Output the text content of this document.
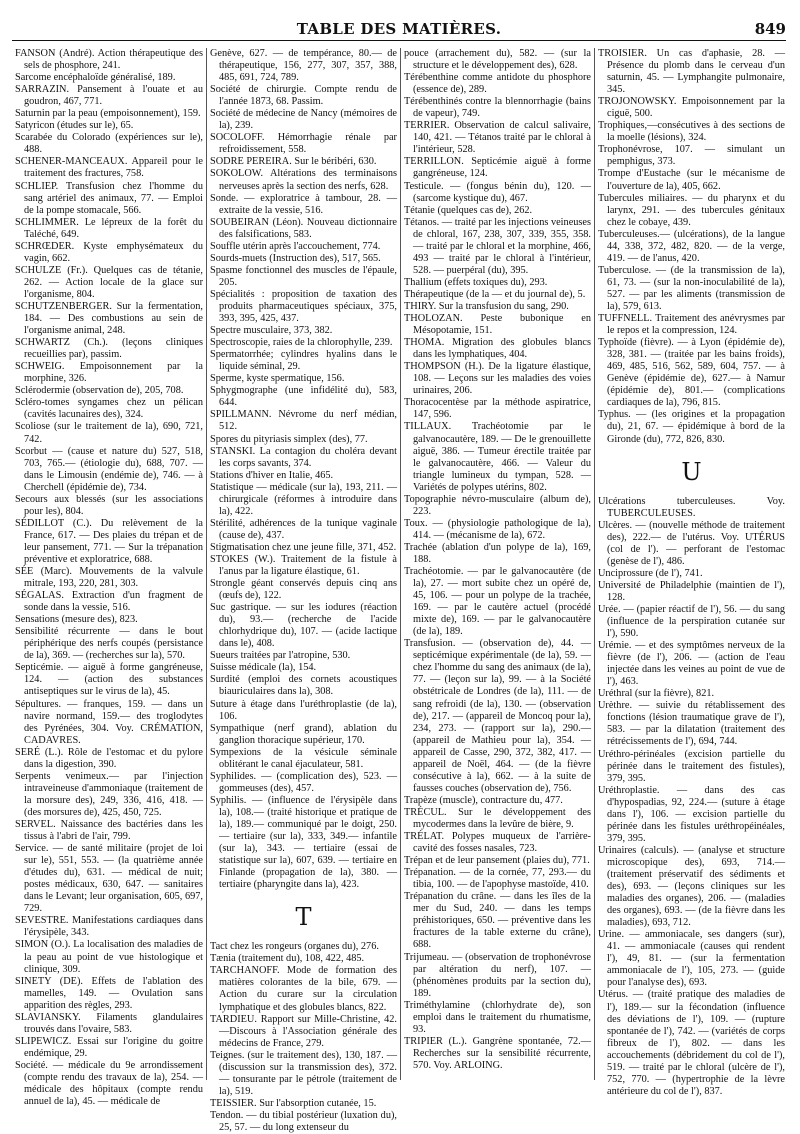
TABLE DES MATIÈRES.	849

FANSON (André). Action thérapeutique des sels de phosphore, 241.

Sarcome encéphaloïde généralisé, 189.

SARRAZIN. Pansement à l'ouate et au goudron, 467, 771.

Saturnin par la peau (empoisonnement), 159.

Satyricon (études sur le), 65.

Scarabée du Colorado (expériences sur le), 488.

SCHENER-MANCEAUX. Appareil pour le traitement des fractures, 758.

SCHLIEP. Transfusion chez l'homme du sang artériel des animaux, 77. — Emploi de la pompe stomacale, 566.

SCHLIMMER. Le lépreux de la forêt du Taléché, 649.

SCHRŒDER. Kyste emphysémateux du vagin, 662.

SCHULZE (Fr.). Quelques cas de tétanie, 262. — Action locale de la glace sur l'organisme, 804.

SCHUTZENBERGER. Sur la fermentation, 184. — Des combustions au sein de l'organisme animal, 248.

SCHWARTZ (Ch.). (leçons cliniques recueillies par), passim.

SCHWEIG. Empoisonnement par la morphine, 326.

Sclérodermie (observation de), 205, 708.

Scléro-tomes syngames chez un pélican (cavités lacunaires des), 324.

Scoliose (sur le traitement de la), 690, 721, 742.

Scorbut — (cause et nature du) 527, 518, 703, 765.— (étiologie du), 688, 707. — dans le Limousin (endémie de), 746. — à Cherchell (épidémie de), 734.

Secours aux blessés (sur les associations pour les), 804.

SÉDILLOT (C.). Du relèvement de la France, 617. — Des plaies du trépan et de leur pansement, 771. — Sur la trépanation préventive et exploratrice, 688.

SÉE (Marc). Mouvements de la valvule mitrale, 193, 220, 281, 303.

SÉGALAS. Extraction d'un fragment de sonde dans la vessie, 516.

Sensations (mesure des), 823.

Sensibilité récurrente — dans le bout périphérique des nerfs coupés (persistance de la), 369. — (recherches sur la), 570.

Septicémie. — aiguë à forme gangréneuse, 124. — (action des substances antiseptiques sur le virus de la), 45.

Sépultures. — franques, 159. — dans un navire normand, 159.— des troglodytes des Pyrénées, 304. Voy. CRÉMATION, CADAVRES.

SERÉ (L.). Rôle de l'estomac et du pylore dans la digestion, 390.

Serpents venimeux.— par l'injection intraveineuse d'ammoniaque (traitement de la morsure des), 249, 336, 416, 418. — (des morsures de), 425, 450, 725.

SERVEL. Naissance des bactéries dans les tissus à l'abri de l'air, 799.

Service. — de santé militaire (projet de loi sur le), 551, 553. — (la quatrième année d'études du), 631. — médical de nuit; postes médicaux, 630, 647. — sanitaires dans le Levant; leur organisation, 605, 697, 729.

SEVESTRE. Manifestations cardiaques dans l'érysipèle, 343.

SIMON (O.). La localisation des maladies de la peau au point de vue histologique et clinique, 309.

SINETY (DE). Effets de l'ablation des mamelles, 149. — Ovulation sans apparition des règles, 293.

SLAVIANSKY. Filaments glandulaires trouvés dans l'ovaire, 583.

SLIPEWICZ. Essai sur l'origine du goitre endémique, 29.

Société. — médicale du 9e arrondissement (compte rendu des travaux de la), 254. — médicale des hôpitaux (compte rendu annuel de la), 45. — médicale de

Genève, 627. — de tempérance, 80.— de thérapeutique, 156, 277, 307, 357, 388, 485, 691, 724, 789.

Société de chirurgie. Compte rendu de l'année 1873, 68. Passim.

Société de médecine de Nancy (mémoires de la), 239.

SOCOLOFF. Hémorrhagie rénale par refroidissement, 558.

SODRE PEREIRA. Sur le béribéri, 630.

SOKOLOW. Altérations des terminaisons nerveuses après la section des nerfs, 628.

Sonde. — exploratrice à tambour, 28. — extraite de la vessie, 516.

SOUBEIRAN (Léon). Nouveau dictionnaire des falsifications, 583.

Souffle utérin après l'accouchement, 774.

Sourds-muets (Instruction des), 517, 565.

Spasme fonctionnel des muscles de l'épaule, 205.

Spécialités : proposition de taxation des produits pharmaceutiques spéciaux, 375, 393, 395, 425, 437.

Spectre musculaire, 373, 382.

Spectroscopie, raies de la chlorophylle, 239.

Spermatorrhée; cylindres hyalins dans le liquide séminal, 29.

Sperme, kyste spermatique, 156.

Sphygmographe (une infidélité du), 583, 644.

SPILLMANN. Névrome du nerf médian, 512.

Spores du pityriasis simplex (des), 77.

STANSKI. La contagion du choléra devant les corps savants, 374.

Stations d'hiver en Italie, 465.

Statistique — médicale (sur la), 193, 211. — chirurgicale (réformes à introduire dans la), 422.

Stérilité, adhérences de la tunique vaginale (cause de), 437.

Stigmatisation chez une jeune fille, 371, 452.

STOKES (W.). Traitement de la fistule à l'anus par la ligature élastique, 61.

Strongle géant conservés depuis cinq ans (œufs de), 122.

Suc gastrique. — sur les iodures (réaction du), 93.— (recherche de l'acide chlorhydrique du), 107. — (acide lactique dans le), 408.

Sueurs traitées par l'atropine, 530.

Suisse médicale (la), 154.

Surdité (emploi des cornets acoustiques biauriculaires dans la), 308.

Suture à étage dans l'uréthroplastie (de la), 106.

Sympathique (nerf grand), ablation du ganglion thoracique supérieur, 170.

Sympexions de la vésicule séminale oblitérant le canal éjaculateur, 581.

Syphilides. — (complication des), 523. — gommeuses (des), 457.

Syphilis. — (influence de l'érysipèle dans la), 108.— (traité historique et pratique de la), 189.— communiqué par le doigt, 250. — tertiaire (sur la), 333, 349.— infantile (sur la), 343. — tertiaire (essai de statistique sur la), 607, 639. — tertiaire en Finlande (propagation de la), 380. — tertiaire (pharyngite dans la), 423.

T

Tact chez les rongeurs (organes du), 276.

Tænia (traitement du), 108, 422, 485.

TARCHANOFF. Mode de formation des matières colorantes de la bile, 679. — Action du curare sur la circulation lymphatique et des globules blancs, 822.

TARDIEU. Rapport sur Mille-Christine, 42. —Discours à l'Association générale des médecins de France, 279.

Teignes. (sur le traitement des), 130, 187. — (discussion sur la transmission des), 372. — tonsurante par le pétrole (traitement de la), 519.

TEISSIER. Sur l'absorption cutanée, 15.

Tendon. — du tibial postérieur (luxation du), 25, 57. — du long extenseur du

pouce (arrachement du), 582. — (sur la structure et le développement des), 628.

Térébenthine comme antidote du phosphore (essence de), 289.

Térébenthinés contre la blennorrhagie (bains de vapeur), 749.

TERRIER. Observation de calcul salivaire, 140, 421. — Tétanos traité par le chloral à l'intérieur, 528.

TERRILLON. Septicémie aiguë à forme gangréneuse, 124.

Testicule. — (fongus bénin du), 120. — (sarcome kystique du), 467.

Tétanie (quelques cas de), 262.

Tétanos. — traité par les injections veineuses de chloral, 167, 238, 307, 339, 355, 358. — traité par le chloral et la morphine, 466, 493 — traité par le chloral à l'intérieur, 528. — puerpéral (du), 395.

Thallium (effets toxiques du), 293.

Thérapeutique (de la — et du journal de), 5.

THIRY. Sur la transfusion du sang, 290.

THOLOZAN. Peste bubonique en Mésopotamie, 151.

THOMA. Migration des globules blancs dans les lymphatiques, 404.

THOMPSON (H.). De la ligature élastique, 108. — Leçons sur les maladies des voies urinaires, 206.

Thoracocentèse par la méthode aspiratrice, 147, 596.

TILLAUX. Trachéotomie par le galvanocautère, 189. — De le grenouillette aiguë, 386. — Tumeur érectile traitée par le galvanocautère, 466. — Valeur du triangle lumineux du tympan, 528. — Variétés de polypes utérins, 802.

Topographie névro-musculaire (album de), 223.

Toux. — (physiologie pathologique de la), 414. — (mécanisme de la), 672.

Trachée (ablation d'un polype de la), 169, 188.

Trachéotomie. — par le galvanocautère (de la), 27. — mort subite chez un opéré de, 45, 106. — pour un polype de la trachée, 169. — par le cautère actuel (procédé mixte de), 169. — par le galvanocautère (de la), 189.

Transfusion. — (observation de), 44. — septicémique expérimentale (de la), 59. — chez l'homme du sang des animaux (de la), 77. — (leçon sur la), 99. — à la Société obstétricale de Londres (de la), 111. — de sang refroidi (de la), 130. — (observation de), 217. — (appareil de Moncoq pour la), 234, 273. — (rapport sur la), 290.— (appareil de Mathieu pour la), 354. — appareil de Casse, 290, 372, 382, 417. — appareil de Noël, 464. — (de la fièvre consécutive à la), 662. — à la suite de fausses couches (observation de), 756.

Trapèze (muscle), contracture du, 477.

TRÉCUL. Sur le développement des mycodermes dans la levûre de bière, 9.

TRÉLAT. Polypes muqueux de l'arrière-cavité des fosses nasales, 723.

Trépan et de leur pansement (plaies du), 771.

Trépanation. — de la cornée, 77, 293.— du tibia, 100. — de l'apophyse mastoïde, 410.

Trépanation du crâne. — dans les îles de la mer du Sud, 240. — dans les temps préhistoriques, 650. — préventive dans les fractures de la table externe du crâne), 688.

Trijumeau. — (observation de trophonévrose par altération du nerf), 107. — (phénomènes produits par la section du), 189.

Triméthylamine (chlorhydrate de), son emploi dans le traitement du rhumatisme, 93.

TRIPIER (L.). Gangrène spontanée, 72.— Recherches sur la sensibilité récurrente, 570. Voy. ARLOING.

TROISIER. Un cas d'aphasie, 28. — Présence du plomb dans le cerveau d'un saturnin, 45. — Lymphangite pulmonaire, 345.

TROJONOWSKY. Empoisonnement par la ciguë, 500.

Trophiques,—consécutives à des sections de la moelle (lésions), 324.

Trophonévrose, 107. — simulant un pemphigus, 373.

Trompe d'Eustache (sur le mécanisme de l'ouverture de la), 405, 662.

Tubercules miliaires. — du pharynx et du larynx, 291. — des tubercules génitaux chez le cobaye, 439.

Tuberculeuses.— (ulcérations), de la langue 44, 338, 372, 482, 820. — de la verge, 419. — de l'anus, 420.

Tuberculose. — (de la transmission de la), 61, 73. — (sur la non-inoculabilité de la), 527. — par les aliments (transmission de la), 579, 613.

TUFFNELL. Traitement des anévrysmes par le repos et la compression, 124.

Typhoïde (fièvre). — à Lyon (épidémie de), 328, 381. — (traitée par les bains froids), 469, 485, 516, 562, 589, 604, 757. — à Genève (épidémie de), 627.— à Namur (épidémie de), 801.— (complications cardiaques de la), 796, 815.

Typhus. — (les origines et la propagation du), 21, 67. — épidémique à bord de la Gironde (du), 772, 826, 830.

U

Ulcérations tuberculeuses. Voy. TUBERCULEUSES.

Ulcères. — (nouvelle méthode de traitement des), 222.— de l'utérus. Voy. UTÉRUS (col de l'). — perforant de l'estomac (genèse de l'), 486.

Unciprossure (de l'), 741.

Université de Philadelphie (maintien de l'), 128.

Urée. — (papier réactif de l'), 56. — du sang (influence de la perspiration cutanée sur l'), 590.

Urémie. — et des symptômes nerveux de la fièvre (de l'), 206. — (action de l'eau injectée dans les veines au point de vue de l'), 463.

Uréthral (sur la fièvre), 821.

Urèthre. — suivie du rétablissement des fonctions (lésion traumatique grave de l'), 583. — par la dilatation (traitement des rétrécissements de l'), 694, 744.

Uréthro-périnéales (excision partielle du périnée dans le traitement des fistules), 379, 395.

Uréthroplastie. — dans des cas d'hypospadias, 92, 224.— (suture à étage dans l'), 106. — excision partielle du périnée dans les fistules uréthropéinéales, 379, 395.

Urinaires (calculs). — (analyse et structure microscopique des), 693, 714.— (traitement préservatif des sédiments et des), 693. — (leçons cliniques sur les maladies des organes), 206. — (maladies des organes), 693. — (de la fièvre dans les maladies), 693, 712.

Urine. — ammoniacale, ses dangers (sur), 41. — ammoniacale (causes qui rendent l'), 49, 81. — (sur la fermentation ammoniacale de l'), 105, 273. — (guide pour l'analyse des), 693.

Utérus. — (traité pratique des maladies de l'), 189.— sur la fécondation (influence des déviations de l'), 109. — (rupture spontanée de l'), 742. — (variétés de corps fibreux de l'), 802. — dans les accouchements (débridement du col de l'), 519. — traité par le chloral (ulcère de l'), 752, 770. — (hypertrophie de la lèvre antérieure du col de l'), 837.
